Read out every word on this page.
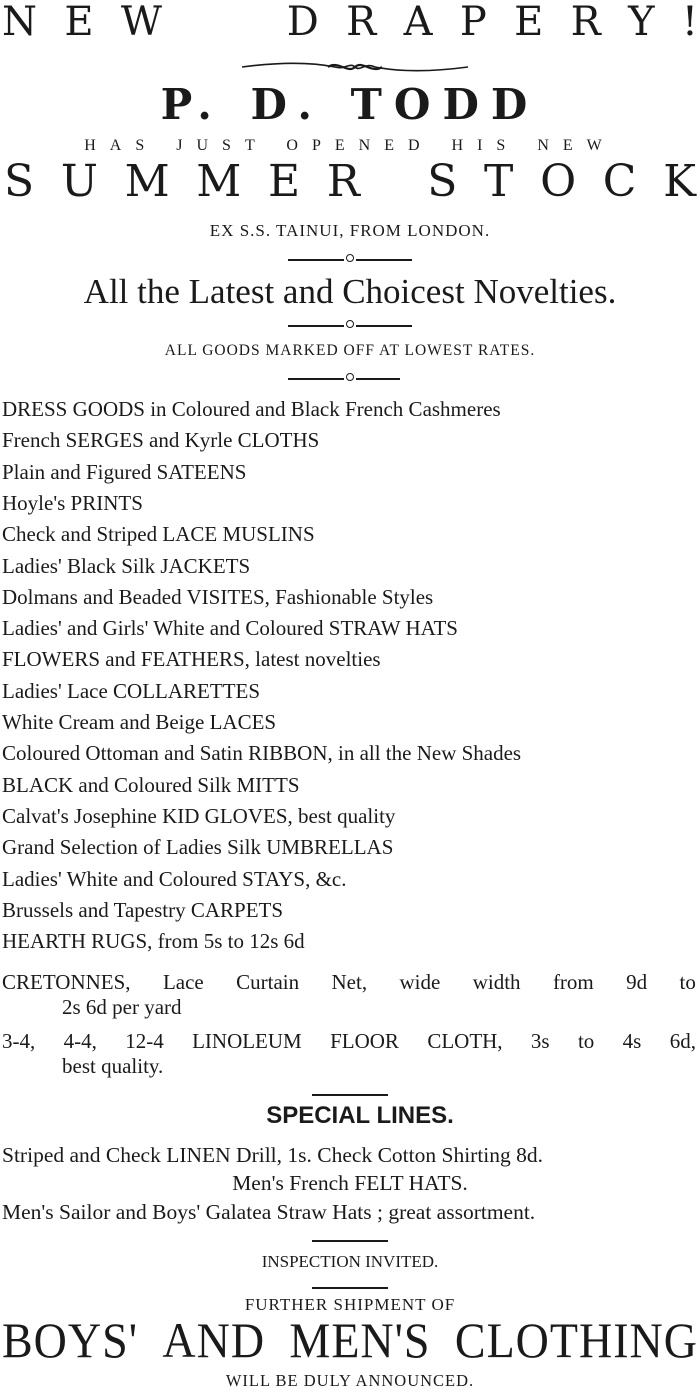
N E W	D R A P E R Y !
P. D. TODD
HAS JUST OPENED HIS NEW
S U M M E R
S T O C K
EX S.S. TAINUI, FROM LONDON.
All the Latest and Choicest Novelties.
ALL GOODS MARKED OFF AT LOWEST RATES.
DRESS GOODS in Coloured and Black French Cashmeres
French SERGES and Kyrle CLOTHS
Plain and Figured SATEENS
Hoyle's PRINTS
Check and Striped LACE MUSLINS
Ladies' Black Silk JACKETS
Dolmans and Beaded VISITES, Fashionable Styles
Ladies' and Girls' White and Coloured STRAW HATS
FLOWERS and FEATHERS, latest novelties
Ladies' Lace COLLARETTES
White Cream and Beige LACES
Coloured Ottoman and Satin RIBBON, in all the New Shades
BLACK and Coloured Silk MITTS
Calvat's Josephine KID GLOVES, best quality
Grand Selection of Ladies Silk UMBRELLAS
Ladies' White and Coloured STAYS, &c.
Brussels and Tapestry CARPETS
HEARTH RUGS, from 5s to 12s 6d
CRETONNES, Lace Curtain Net, wide width from 9d to
2s 6d per yard
3-4, 4-4, 12-4 LINOLEUM FLOOR CLOTH, 3s to 4s 6d,
best quality.
SPECIAL LINES.
Striped and Check LINEN Drill, 1s. Check Cotton Shirting 8d.
Men's French FELT HATS.
Men's Sailor and Boys' Galatea Straw Hats ; great assortment.
INSPECTION INVITED.
FURTHER SHIPMENT OF
BOYS' AND MEN'S CLOTHING
WILL BE DULY ANNOUNCED.
